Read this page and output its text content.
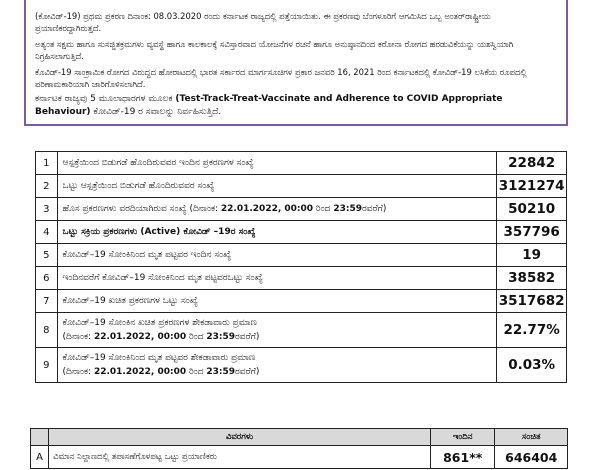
(ಕೋವಿಡ್-19) ಪ್ರಥಮ ಪ್ರಕರಣ ದಿನಾಂಕ: 08.03.2020 ರಂದು ಕರ್ನಾಟಕ ರಾಜ್ಯದಲ್ಲಿ ಪತ್ತೆಯಾಯಿತು. ಈ ಪ್ರಕರಣವು ಬೆಂಗಳೂರಿಗೆ ಆಗಮಿಸಿದ ಒಬ್ಬ ಅಂತರ್‌ರಾಷ್ಟ್ರೀಯ ಪ್ರಯಾಣಿಕರದ್ದಾಗಿರುತ್ತದೆ.

ಅತ್ಯಂತ ಸಕ್ಷಮ ಹಾಗೂ ಸುಸಜ್ಜಿತಕ್ರಮಗಳು ವ್ಯವಸ್ಥೆ ಹಾಗೂ ಕಾಲಕಾಲಕ್ಕೆ ಸವಿಸ್ತಾರವಾದ ಯೋಜನೆಗಳ ರಚನೆ ಹಾಗೂ ಅನುಷ್ಠಾನದಿಂದ ಕರೋನಾ ರೋಗದ ಹರಡುವಿಕೆಯನ್ನು ಯಶಸ್ವಿಯಾಗಿ ನಿಗ್ರಹಿಸಲಾಗುತ್ತಿದೆ.

ಕೊವಿಡ್-19 ಸಾಂಕ್ರಾಮಿಕ ರೋಗದ ವಿರುದ್ಧದ ಹೋರಾಟದಲ್ಲಿ ಭಾರತ ಸರ್ಕಾರದ ಮಾರ್ಗಸೂಚಿಗಳ ಪ್ರಕಾರ ಜನವರಿ 16, 2021 ರಿಂದ ಕರ್ನಾಟಕದಲ್ಲಿ ಕೋವಿಡ್-19 ಲಸಿಕೆಯ ರೂಪದಲ್ಲಿ ಪರಿಣಾಮಕಾರಿಯಾಗಿ ಜಾರಿಗೊಳಿಸಲಾಗಿದೆ.

ಕರ್ನಾಟಕ ರಾಜ್ಯವು 5 ಮೂಲಾಧಾರಗಳ ಮೂಲಕ (Test-Track-Treat-Vaccinate and Adherence to COVID Appropriate Behaviour) ಕೋವಿಡ್-19 ರ ಸವಾಲನ್ನು ನಿರ್ವಹಿಸುತ್ತಿದೆ.

1	ಆಸ್ಪತ್ರೆಯಿಂದ ಬಿಡುಗಡೆ ಹೊಂದಿರುವವರ ಇಂದಿನ ಪ್ರಕರಣಗಳ ಸಂಖ್ಯೆ	22842
2	ಒಟ್ಟು ಆಸ್ಪತ್ರೆಯಿಂದ ಬಿಡುಗಡೆ ಹೊಂದಿರುವವರ ಸಂಖ್ಯೆ	3121274
3	ಹೊಸ ಪ್ರಕರಣಗಳು ವರದಿಯಾಗಿರುವ ಸಂಖ್ಯೆ (ದಿನಾಂಕ: 22.01.2022, 00:00 ರಿಂದ 23:59ರವರೆಗೆ)	50210
4	ಒಟ್ಟು ಸಕ್ರಿಯ ಪ್ರಕರಣಗಳು (Active) ಕೋವಿಡ್ –19ರ ಸಂಖ್ಯೆ	357796
5	ಕೋವಿಡ್–19 ಸೋಂಕಿನಿಂದ ಮೃತ ಪಟ್ಟವರ ಇಂದಿನ ಸಂಖ್ಯೆ	19
6	ಇಂದಿನವರೆಗೆ ಕೋವಿಡ್–19 ಸೋಂಕಿನಿಂದ ಮೃತ ಪಟ್ಟವರಒಟ್ಟು ಸಂಖ್ಯೆ	38582
7	ಕೋವಿಡ್–19 ಖಚಿತ ಪ್ರಕರಣಗಳ ಒಟ್ಟು ಸಂಖ್ಯೆ	3517682
8	ಕೋವಿಡ್–19 ಸೋಂಕಿನ ಖಚಿತ ಪ್ರಕರಣಗಳ ಶೇಕಡಾವಾರು ಪ್ರಮಾಣ
(ದಿನಾಂಕ: 22.01.2022, 00:00 ರಿಂದ 23:59ರವರೆಗೆ)	22.77%
9	ಕೋವಿಡ್–19 ಸೋಂಕಿನಿಂದ ಮೃತ ಪಟ್ಟವರ ಶೇಕಡಾವಾರು ಪ್ರಮಾಣ
(ದಿನಾಂಕ: 22.01.2022, 00:00 ರಿಂದ 23:59ರವರೆಗೆ)	0.03%
	ವಿವರಗಳು	ಇಂದಿನ	ಸಂಚಿತ
A	ವಿಮಾನ ನಿಲ್ದಾಣದಲ್ಲಿ ತಪಾಸಣೆಗೊಳಪಟ್ಟ ಒಟ್ಟು ಪ್ರಯಾಣಿಕರು	861**	646404
